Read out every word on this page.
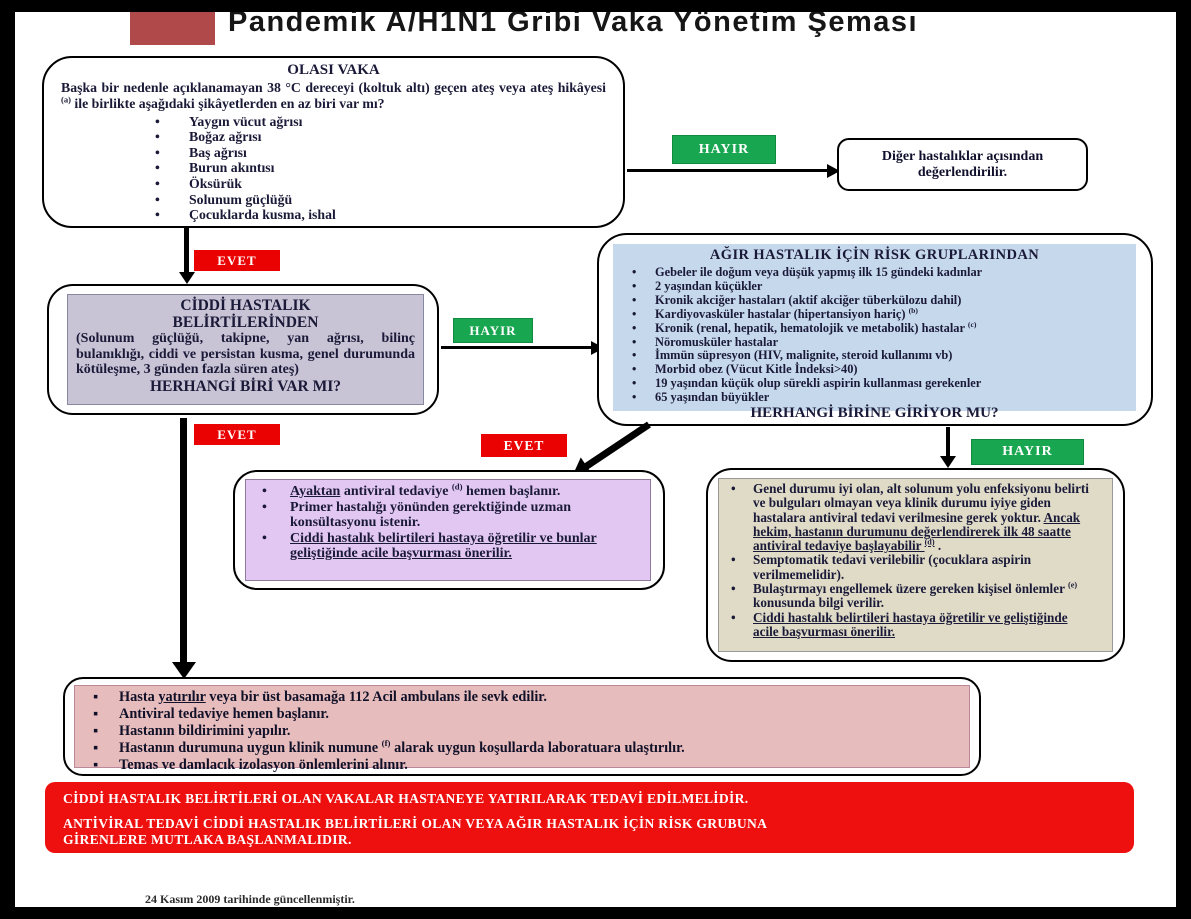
Pandemik A/H1N1 Gribi Vaka Yönetim Şeması
OLASI VAKA

Başka bir nedenle açıklanamayan 38 °C dereceyi (koltuk altı) geçen ateş veya ateş hikâyesi $^{(a)}$ ile birlikte aşağıdaki şikâyetlerden en az biri var mı?

• Yaygın vücut ağrısı
• Boğaz ağrısı
• Baş ağrısı
• Burun akıntısı
• Öksürük
• Solunum güçlüğü
• Çocuklarda kusma, ishal
HAYIR	Diğer hastalıklar açısından değerlendirilir.
EVET
CİDDİ HASTALIK BELİRTİLERİNDEN
(Solunum güçlüğü, takipne, yan ağrısı, bilinç bulanıklığı, ciddi ve persistan kusma, genel durumunda kötüleşme, 3 günden fazla süren ateş)
HERHANGİ BİRİ VAR MI?
HAYIR
AĞIR HASTALIK İÇİN RİSK GRUPLARINDAN
• Gebeler ile doğum veya düşük yapmış ilk 15 gündeki kadınlar
• 2 yaşından küçükler
• Kronik akciğer hastaları (aktif akciğer tüberkülozu dahil)
• Kardiyovasküler hastalar (hipertansiyon hariç) $^{(b)}$
• Kronik (renal, hepatik, hematolojik ve metabolik) hastalar $^{(c)}$
• Nöromusküler hastalar
• İmmün süpresyon (HIV, malignite, steroid kullanımı vb)
• Morbid obez (Vücut Kitle İndeksi>40)
• 19 yaşından küçük olup sürekli aspirin kullanması gerekenler
• 65 yaşından büyükler
HERHANGİ BİRİNE GİRİYOR MU?
EVET
EVET	HAYIR
• Ayaktan antiviral tedaviye $^{(d)}$ hemen başlanır.
• Primer hastalığı yönünden gerektiğinde uzman konsültasyonu istenir.
• Ciddi hastalık belirtileri hastaya öğretilir ve bunlar geliştiğinde acile başvurması önerilir.
• Genel durumu iyi olan, alt solunum yolu enfeksiyonu belirti ve bulguları olmayan veya klinik durumu iyiye giden hastalara antiviral tedavi verilmesine gerek yoktur. Ancak hekim, hastanın durumunu değerlendirerek ilk 48 saatte antiviral tedaviye başlayabilir $^{(d)}$ .
• Semptomatik tedavi verilebilir (çocuklara aspirin verilmemelidir).
• Bulaştırmayı engellemek üzere gereken kişisel önlemler $^{(e)}$ konusunda bilgi verilir.
• Ciddi hastalık belirtileri hastaya öğretilir ve geliştiğinde acile başvurması önerilir.
▪ Hasta yatırılır veya bir üst basamağa 112 Acil ambulans ile sevk edilir.
▪ Antiviral tedaviye hemen başlanır.
▪ Hastanın bildirimini yapılır.
▪ Hastanın durumuna uygun klinik numune $^{(f)}$ alarak uygun koşullarda laboratuara ulaştırılır.
▪ Temas ve damlacık izolasyon önlemlerini alınır.

CİDDİ HASTALIK BELİRTİLERİ OLAN VAKALAR HASTANEYE YATIRILARAK TEDAVİ EDİLMELİDİR.

ANTİVİRAL TEDAVİ CİDDİ HASTALIK BELİRTİLERİ OLAN VEYA AĞIR HASTALIK İÇİN RİSK GRUBUNA GİRENLERE MUTLAKA BAŞLANMALIDIR.

24 Kasım 2009 tarihinde güncellenmiştir.
